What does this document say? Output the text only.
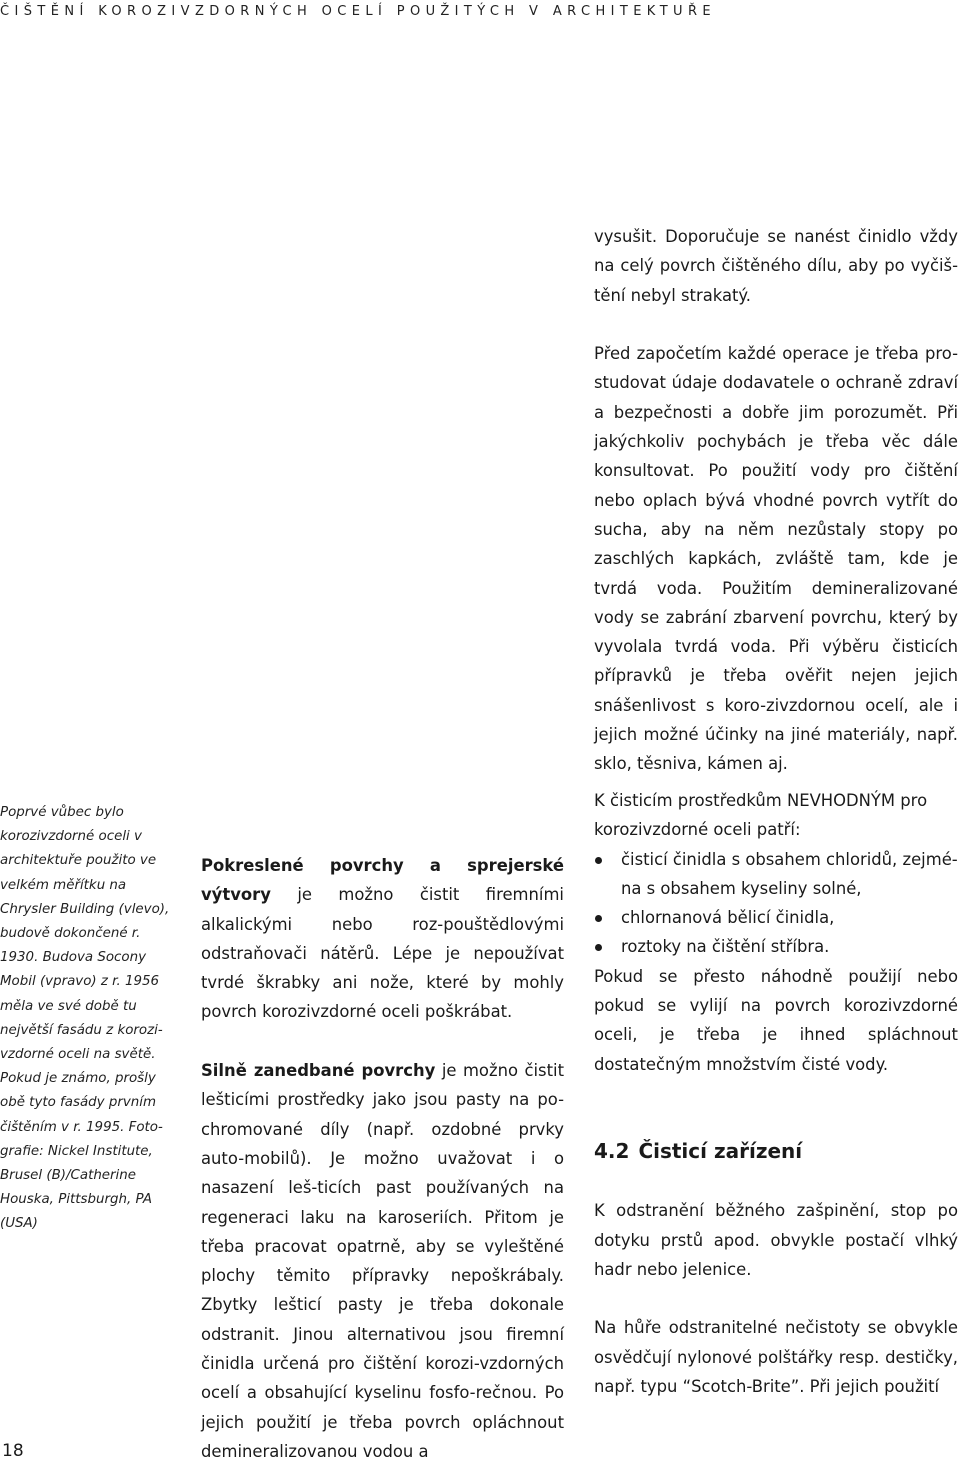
ČIŠTĚNÍ KOROZIVZDORNÝCH OCELÍ POUŽITÝCH V ARCHITEKTUŘE

vysušit. Doporučuje se nanést činidlo vždy na celý povrch čištěného dílu, aby po vyčiš-tění nebyl strakatý.

Před započetím každé operace je třeba pro-studovat údaje dodavatele o ochraně zdraví a bezpečnosti a dobře jim porozumět. Při jakýchkoliv pochybách je třeba věc dále konsultovat. Po použití vody pro čištění nebo oplach bývá vhodné povrch vytřít do sucha, aby na něm nezůstaly stopy po zaschlých kapkách, zvláště tam, kde je tvrdá voda. Použitím demineralizované vody se zabrání zbarvení povrchu, který by vyvolala tvrdá voda. Při výběru čisticích přípravků je třeba ověřit nejen jejich snášenlivost s koro-zivzdornou ocelí, ale i jejich možné účinky na jiné materiály, např. sklo, těsniva, kámen aj.

Poprvé vůbec bylo korozivzdorné oceli v architektuře použito ve velkém měřítku na Chrysler Building (vlevo), budově dokončené r. 1930. Budova Socony Mobil (vpravo) z r. 1956 měla ve své době tu největší fasádu z korozi-vzdorné oceli na světě. Pokud je známo, prošly obě tyto fasády prvním čištěním v r. 1995. Foto-grafie: Nickel Institute, Brusel (B)/Catherine Houska, Pittsburgh, PA (USA)

Pokreslené povrchy a sprejerské výtvory je možno čistit firemními alkalickými nebo roz-pouštědlovými odstraňovači nátěrů. Lépe je nepoužívat tvrdé škrabky ani nože, které by mohly povrch korozivzdorné oceli poškrábat.

Silně zanedbané povrchy je možno čistit lešticími prostředky jako jsou pasty na po-chromované díly (např. ozdobné prvky auto-mobilů). Je možno uvažovat i o nasazení leš-ticích past používaných na regeneraci laku na karoseriích. Přitom je třeba pracovat opatrně, aby se vyleštěné plochy těmito přípravky nepoškrábaly. Zbytky lešticí pasty je třeba dokonale odstranit. Jinou alternativou jsou firemní činidla určená pro čištění korozi-vzdorných ocelí a obsahující kyselinu fosfo-rečnou. Po jejich použití je třeba povrch opláchnout demineralizovanou vodou a

K čisticím prostředkům NEVHODNÝM pro korozivzdorné oceli patří:
čisticí činidla s obsahem chloridů, zejmé-na s obsahem kyseliny solné,
chlornanová bělicí činidla,
roztoky na čištění stříbra.

Pokud se přesto náhodně použijí nebo pokud se vylijí na povrch korozivzdorné oceli, je třeba je ihned spláchnout dostatečným množstvím čisté vody.

4.2 Čisticí zařízení

K odstranění běžného zašpinění, stop po dotyku prstů apod. obvykle postačí vlhký hadr nebo jelenice.

Na hůře odstranitelné nečistoty se obvykle osvědčují nylonové polštářky resp. destičky, např. typu “Scotch-Brite”. Při jejich použití

18
